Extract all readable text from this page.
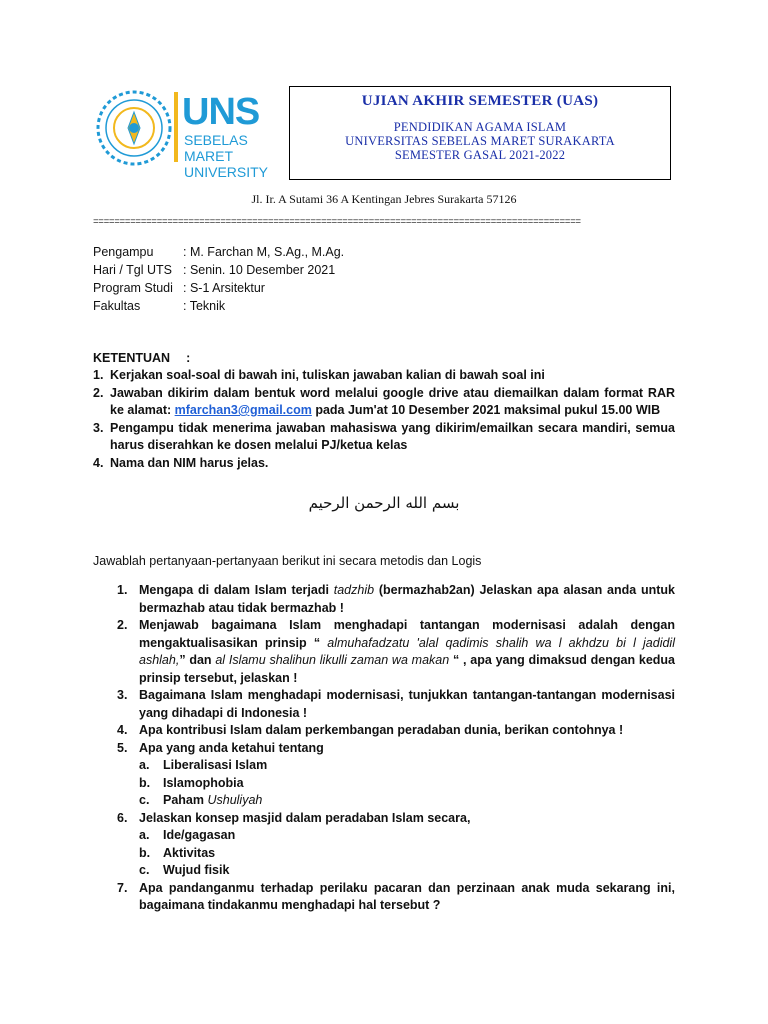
UNS
SEBELAS MARET
UNIVERSITY
UJIAN AKHIR SEMESTER (UAS)
PENDIDIKAN AGAMA ISLAM
UNIVERSITAS SEBELAS MARET SURAKARTA
SEMESTER GASAL 2021-2022
Jl. Ir. A Sutami 36 A Kentingan Jebres Surakarta 57126
============================================================================================
Pengampu	: M. Farchan M, S.Ag., M.Ag.
Hari / Tgl UTS : Senin. 10 Desember 2021
Program Studi : S-1 Arsitektur
Fakultas	: Teknik
KETENTUAN :
1. Kerjakan soal-soal di bawah ini, tuliskan jawaban kalian di bawah soal ini
2. Jawaban dikirim dalam bentuk word melalui google drive atau diemailkan dalam format RAR ke alamat: mfarchan3@gmail.com pada Jum'at 10 Desember 2021 maksimal pukul 15.00 WIB
3. Pengampu tidak menerima jawaban mahasiswa yang dikirim/emailkan secara mandiri, semua harus diserahkan ke dosen melalui PJ/ketua kelas
4. Nama dan NIM harus jelas.
بسم الله الرحمن الرحيم
Jawablah pertanyaan-pertanyaan berikut ini secara metodis dan Logis
1. Mengapa di dalam Islam terjadi tadzhib (bermazhab2an) Jelaskan apa alasan anda untuk bermazhab atau tidak bermazhab !
2. Menjawab bagaimana Islam menghadapi tantangan modernisasi adalah dengan mengaktualisasikan prinsip “ almuhafadzatu 'alal qadimis shalih wa l akhdzu bi l jadidil ashlah,” dan al Islamu shalihun likulli zaman wa makan “ , apa yang dimaksud dengan kedua prinsip tersebut, jelaskan !
3. Bagaimana Islam menghadapi modernisasi, tunjukkan tantangan-tantangan modernisasi yang dihadapi di Indonesia !
4. Apa kontribusi Islam dalam perkembangan peradaban dunia, berikan contohnya !
5. Apa yang anda ketahui tentang
a.	Liberalisasi Islam
b.	Islamophobia
c.	Paham Ushuliyah
6. Jelaskan konsep masjid dalam peradaban Islam secara,
a.	Ide/gagasan
b.	Aktivitas
c.	Wujud fisik
7. Apa pandanganmu terhadap perilaku pacaran dan perzinaan anak muda sekarang ini, bagaimana tindakanmu menghadapi hal tersebut ?
